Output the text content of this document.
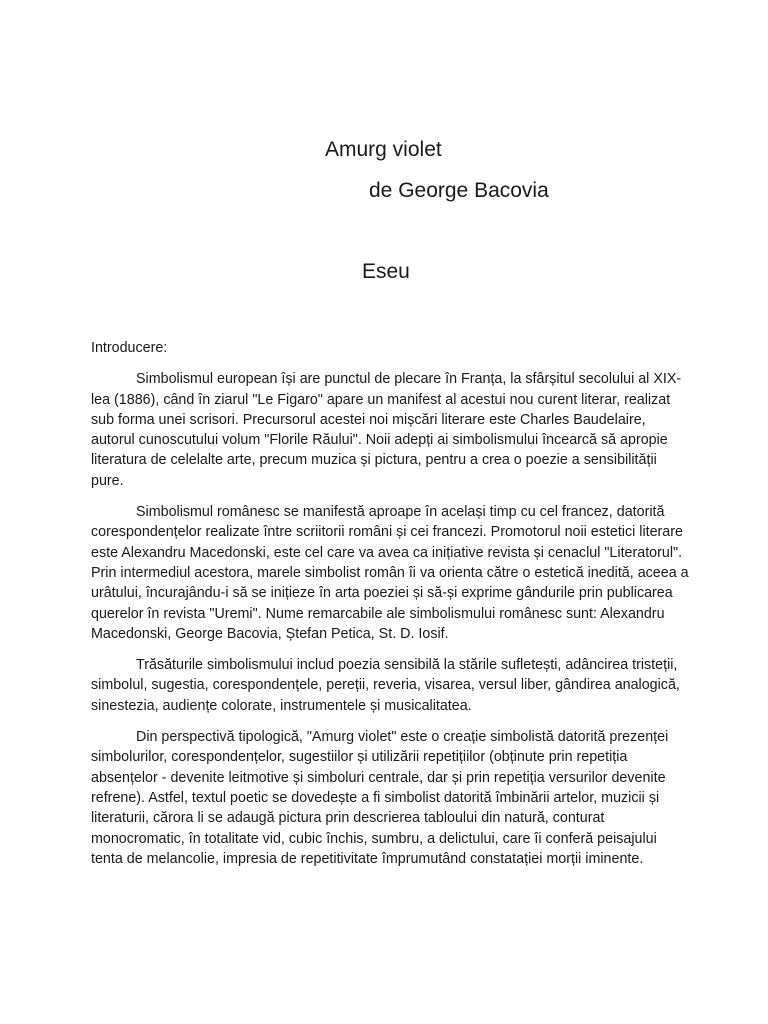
Amurg violet

de George Bacovia

Eseu

Introducere:

Simbolismul european își are punctul de plecare în Franța, la sfârșitul secolului al XIX-lea (1886), când în ziarul "Le Figaro" apare un manifest al acestui nou curent literar, realizat sub forma unei scrisori. Precursorul acestei noi mișcări literare este Charles Baudelaire, autorul cunoscutului volum "Florile Răului". Noii adepți ai simbolismului încearcă să apropie literatura de celelalte arte, precum muzica și pictura, pentru a crea o poezie a sensibilității pure.

Simbolismul românesc se manifestă aproape în același timp cu cel francez, datorită corespondențelor realizate între scriitorii români și cei francezi. Promotorul noii estetici literare este Alexandru Macedonski, este cel care va avea ca inițiative revista și cenaclul "Literatorul". Prin intermediul acestora, marele simbolist român îi va orienta către o estetică inedită, aceea a urâtului, încurajându-i să se inițieze în arta poeziei și să-și exprime gândurile prin publicarea querelor în revista "Uremi". Nume remarcabile ale simbolismului românesc sunt: Alexandru Macedonski, George Bacovia, Ștefan Petica, St. D. Iosif.

Trăsăturile simbolismului includ poezia sensibilă la stările sufletești, adâncirea tristeții, simbolul, sugestia, corespondențele, pereții, reveria, visarea, versul liber, gândirea analogică, sinestezia, audiențe colorate, instrumentele și musicalitatea.

Din perspectivă tipologică, "Amurg violet" este o creație simbolistă datorită prezenței simbolurilor, corespondențelor, sugestiilor și utilizării repetițiilor (obținute prin repetiția absențelor - devenite leitmotive și simboluri centrale, dar și prin repetiția versurilor devenite refrene). Astfel, textul poetic se dovedește a fi simbolist datorită îmbinării artelor, muzicii și literaturii, cărora li se adaugă pictura prin descrierea tabloului din natură, conturat monocromatic, în totalitate vid, cubic închis, sumbru, a delictului, care îi conferă peisajului tenta de melancolie, impresia de repetitivitate împrumutând constatației morții iminente.
